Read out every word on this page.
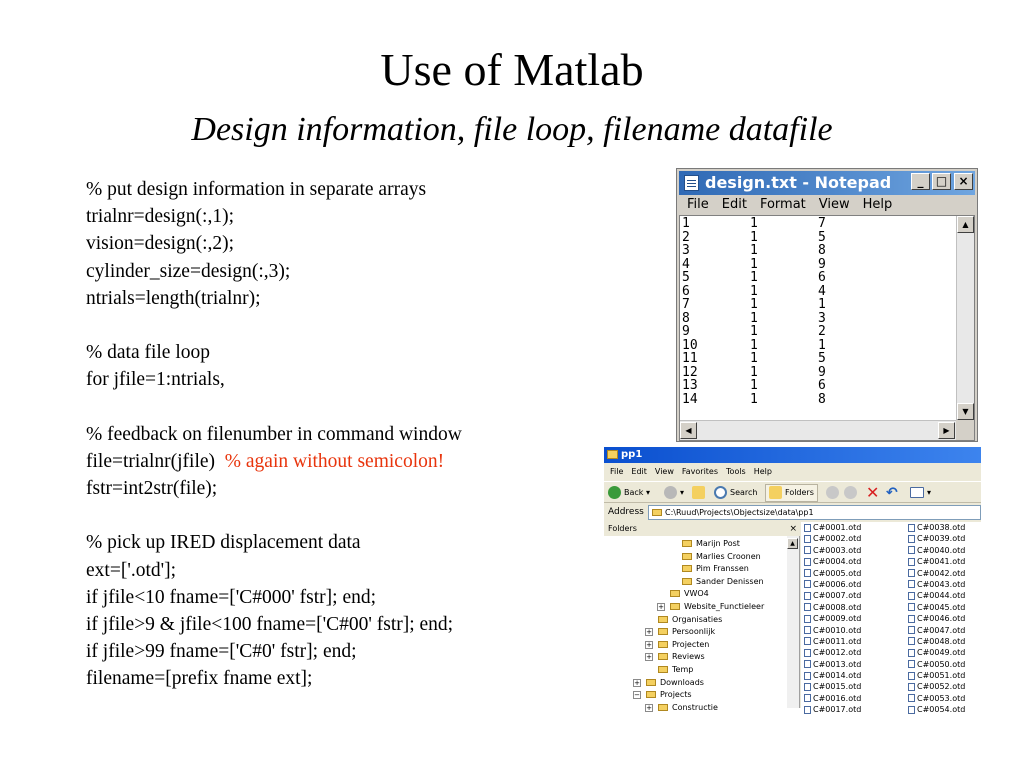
Use of Matlab
Design information, file loop, filename datafile
% put design information in separate arrays
trialnr=design(:,1);
vision=design(:,2);
cylinder_size=design(:,3);
ntrials=length(trialnr);
% data file loop
for jfile=1:ntrials,
% feedback on filenumber in command window
file=trialnr(jfile)  % again without semicolon!
fstr=int2str(file);
% pick up IRED displacement data
ext=['.otd'];
if jfile<10 fname=['C#000' fstr]; end;
if jfile>9 & jfile<100 fname=['C#00' fstr]; end;
if jfile>99 fname=['C#0' fstr]; end;
filename=[prefix fname ext];
design.txt - Notepad	_	□ ×
File Edit Format View Help
1	1	7
2	1	5
3	1	8
4	1	9
5	1	6
6	1	4
7	1	1
8	1	3
9	1	2
10	1	1
11	1	5
12	1	9
13	1	6
14	1	8
▲
▼
◀	▶
pp1
File Edit View Favorites Tools Help
Back ▾	▾	Search	Folders	✕ ↶	▾
Address	C:\Ruud\Projects\Objectsize\data\pp1
Folders	×
Marijn Post
Marlies Croonen
Pim Franssen
Sander Denissen
VWO4
+	Website_Functieleer
Organisaties
+	Persoonlijk
+	Projecten
+	Reviews
Temp
+	Downloads
−	Projects
+	Constructie
▲
C#0001.otd
C#0002.otd
C#0003.otd
C#0004.otd
C#0005.otd
C#0006.otd
C#0007.otd
C#0008.otd
C#0009.otd
C#0010.otd
C#0011.otd
C#0012.otd
C#0013.otd
C#0014.otd
C#0015.otd
C#0016.otd
C#0017.otd
C#0038.otd
C#0039.otd
C#0040.otd
C#0041.otd
C#0042.otd
C#0043.otd
C#0044.otd
C#0045.otd
C#0046.otd
C#0047.otd
C#0048.otd
C#0049.otd
C#0050.otd
C#0051.otd
C#0052.otd
C#0053.otd
C#0054.otd
